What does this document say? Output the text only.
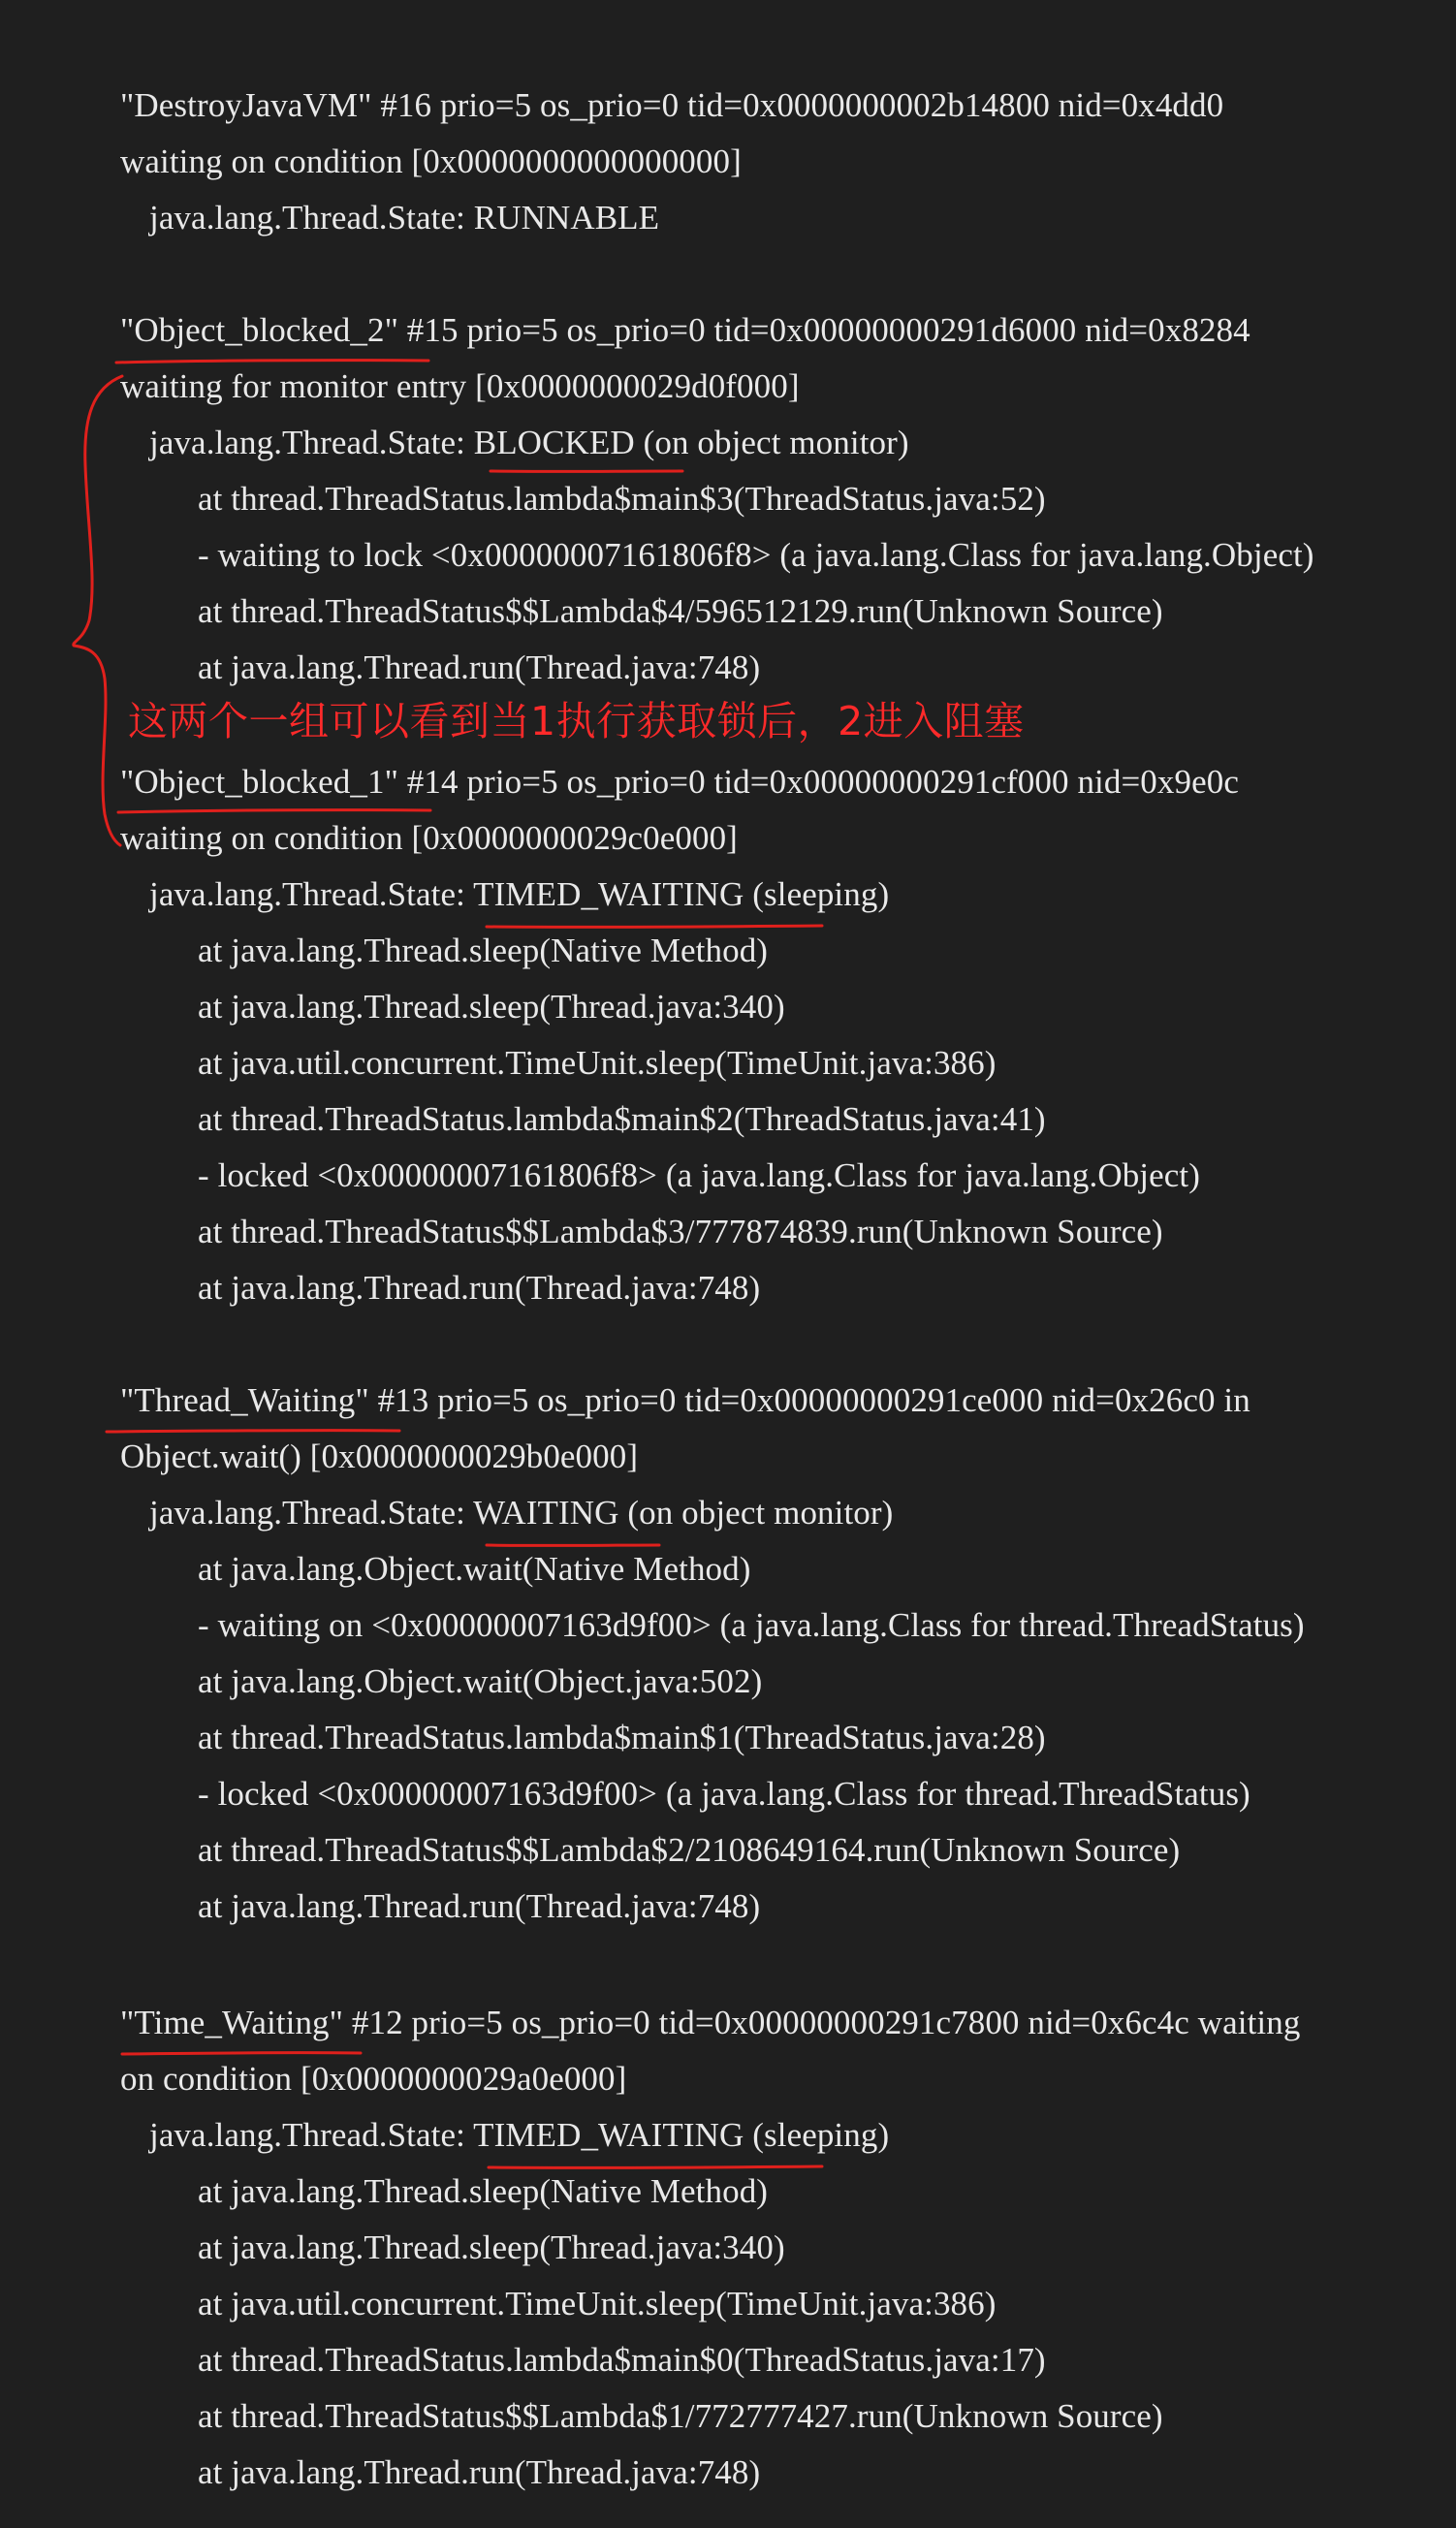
"DestroyJavaVM" #16 prio=5 os_prio=0 tid=0x0000000002b14800 nid=0x4dd0
waiting on condition [0x0000000000000000]
java.lang.Thread.State: RUNNABLE
"Object_blocked_2" #15 prio=5 os_prio=0 tid=0x00000000291d6000 nid=0x8284
waiting for monitor entry [0x0000000029d0f000]
java.lang.Thread.State: BLOCKED (on object monitor)
at thread.ThreadStatus.lambda$main$3(ThreadStatus.java:52)
- waiting to lock <0x00000007161806f8> (a java.lang.Class for java.lang.Object)
at thread.ThreadStatus$$Lambda$4/596512129.run(Unknown Source)
at java.lang.Thread.run(Thread.java:748)
这两个一组可以看到当1执行获取锁后，2进入阻塞
"Object_blocked_1" #14 prio=5 os_prio=0 tid=0x00000000291cf000 nid=0x9e0c
waiting on condition [0x0000000029c0e000]
java.lang.Thread.State: TIMED_WAITING (sleeping)
at java.lang.Thread.sleep(Native Method)
at java.lang.Thread.sleep(Thread.java:340)
at java.util.concurrent.TimeUnit.sleep(TimeUnit.java:386)
at thread.ThreadStatus.lambda$main$2(ThreadStatus.java:41)
- locked <0x00000007161806f8> (a java.lang.Class for java.lang.Object)
at thread.ThreadStatus$$Lambda$3/777874839.run(Unknown Source)
at java.lang.Thread.run(Thread.java:748)
"Thread_Waiting" #13 prio=5 os_prio=0 tid=0x00000000291ce000 nid=0x26c0 in
Object.wait() [0x0000000029b0e000]
java.lang.Thread.State: WAITING (on object monitor)
at java.lang.Object.wait(Native Method)
- waiting on <0x00000007163d9f00> (a java.lang.Class for thread.ThreadStatus)
at java.lang.Object.wait(Object.java:502)
at thread.ThreadStatus.lambda$main$1(ThreadStatus.java:28)
- locked <0x00000007163d9f00> (a java.lang.Class for thread.ThreadStatus)
at thread.ThreadStatus$$Lambda$2/2108649164.run(Unknown Source)
at java.lang.Thread.run(Thread.java:748)
"Time_Waiting" #12 prio=5 os_prio=0 tid=0x00000000291c7800 nid=0x6c4c waiting
on condition [0x0000000029a0e000]
java.lang.Thread.State: TIMED_WAITING (sleeping)
at java.lang.Thread.sleep(Native Method)
at java.lang.Thread.sleep(Thread.java:340)
at java.util.concurrent.TimeUnit.sleep(TimeUnit.java:386)
at thread.ThreadStatus.lambda$main$0(ThreadStatus.java:17)
at thread.ThreadStatus$$Lambda$1/772777427.run(Unknown Source)
at java.lang.Thread.run(Thread.java:748)
